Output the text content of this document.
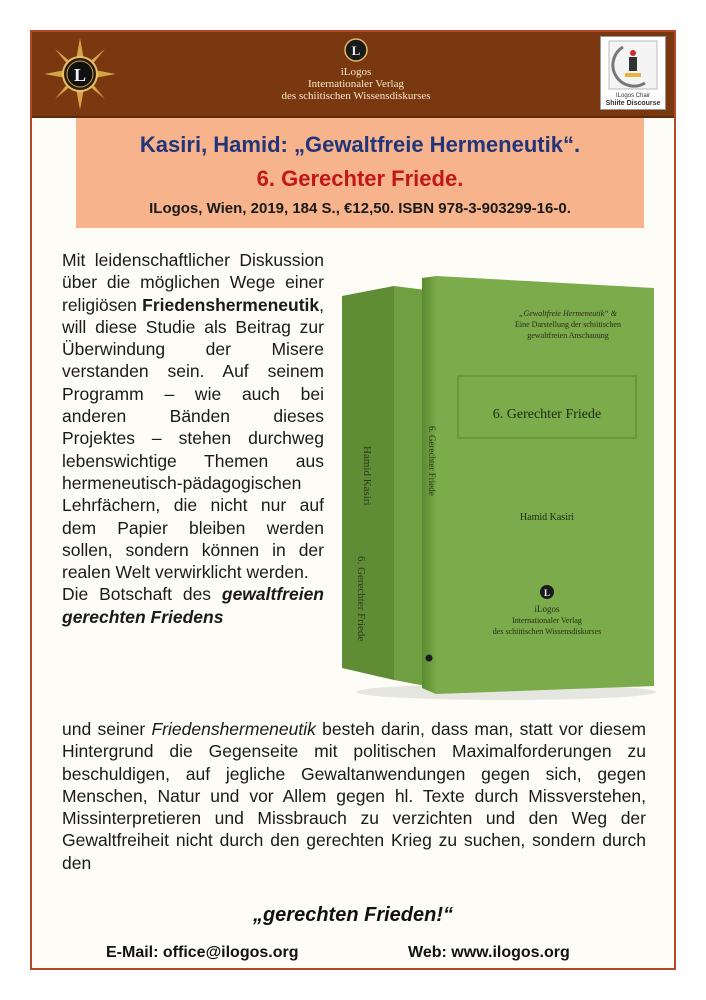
L
L
iLogos
Internationaler Verlag
des schiitischen Wissensdiskurses	ILogos Chair
Shiite Discourse
Kasiri, Hamid: „Gewaltfreie Hermeneutik“.
6. Gerechter Friede.
ILogos, Wien, 2019, 184 S., €12,50. ISBN 978-3-903299-16-0.
Mit leidenschaftlicher Diskussion über die möglichen Wege einer religiösen Friedenshermeneutik, will diese Studie als Beitrag zur Überwindung der Misere verstanden sein. Auf seinem Programm – wie auch bei anderen Bänden dieses Projektes – stehen durchweg lebenswichtige Themen aus hermeneutisch-pädagogischen Lehrfächern, die nicht nur auf dem Papier bleiben werden sollen, sondern können in der realen Welt verwirklicht werden.
Die Botschaft des gewaltfreien gerechten Friedens
Hamid Kasiri
6. Gerechter Friede
„Gewaltfreie Hermeneutik“ &
Eine Darstellung der schiitischen
gewaltfreien Anschauung
6. Gerechter Friede
Hamid Kasiri
L
iLogos
Internationaler Verlag
des schiitischen Wissensdiskurses
6. Gerechter Friede
und seiner Friedenshermeneutik besteh darin, dass man, statt vor diesem Hintergrund die Gegenseite mit politischen Maximalforderungen zu beschuldigen, auf jegliche Gewaltanwendungen gegen sich, gegen Menschen, Natur und vor Allem gegen hl. Texte durch Missverstehen, Missinterpretieren und Missbrauch zu verzichten und den Weg der Gewaltfreiheit nicht durch den gerechten Krieg zu suchen, sondern durch den
„gerechten Frieden!“
E-Mail: office@ilogos.org	Web: www.ilogos.org
